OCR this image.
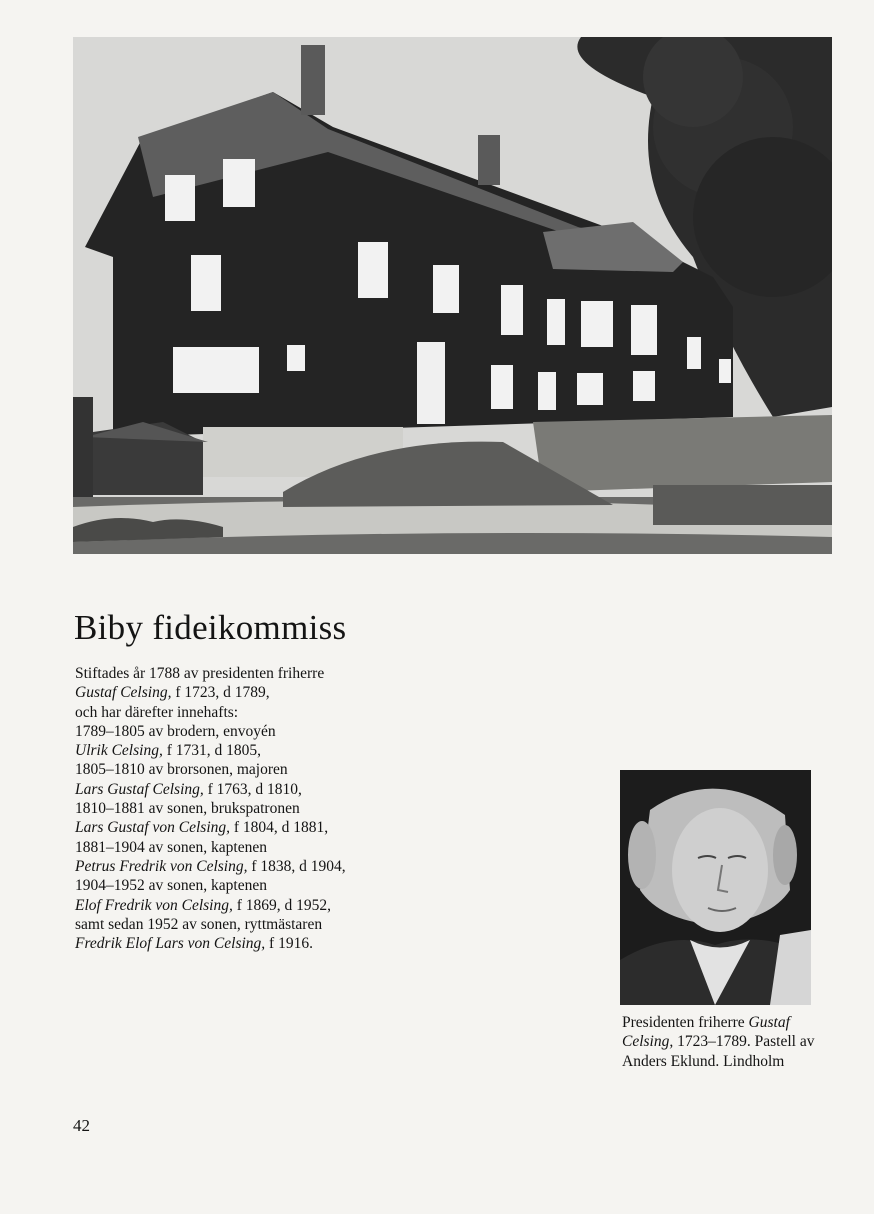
Biby fideikommiss
Stiftades år 1788 av presidenten friherre
Gustaf Celsing, f 1723, d 1789,
och har därefter innehafts:
1789–1805 av brodern, envoyén
Ulrik Celsing, f 1731, d 1805,
1805–1810 av brorsonen, majoren
Lars Gustaf Celsing, f 1763, d 1810,
1810–1881 av sonen, brukspatronen
Lars Gustaf von Celsing, f 1804, d 1881,
1881–1904 av sonen, kaptenen
Petrus Fredrik von Celsing, f 1838, d 1904,
1904–1952 av sonen, kaptenen
Elof Fredrik von Celsing, f 1869, d 1952,
samt sedan 1952 av sonen, ryttmästaren
Fredrik Elof Lars von Celsing, f 1916.
Presidenten friherre Gustaf
Celsing, 1723–1789. Pastell av
Anders Eklund. Lindholm
42
